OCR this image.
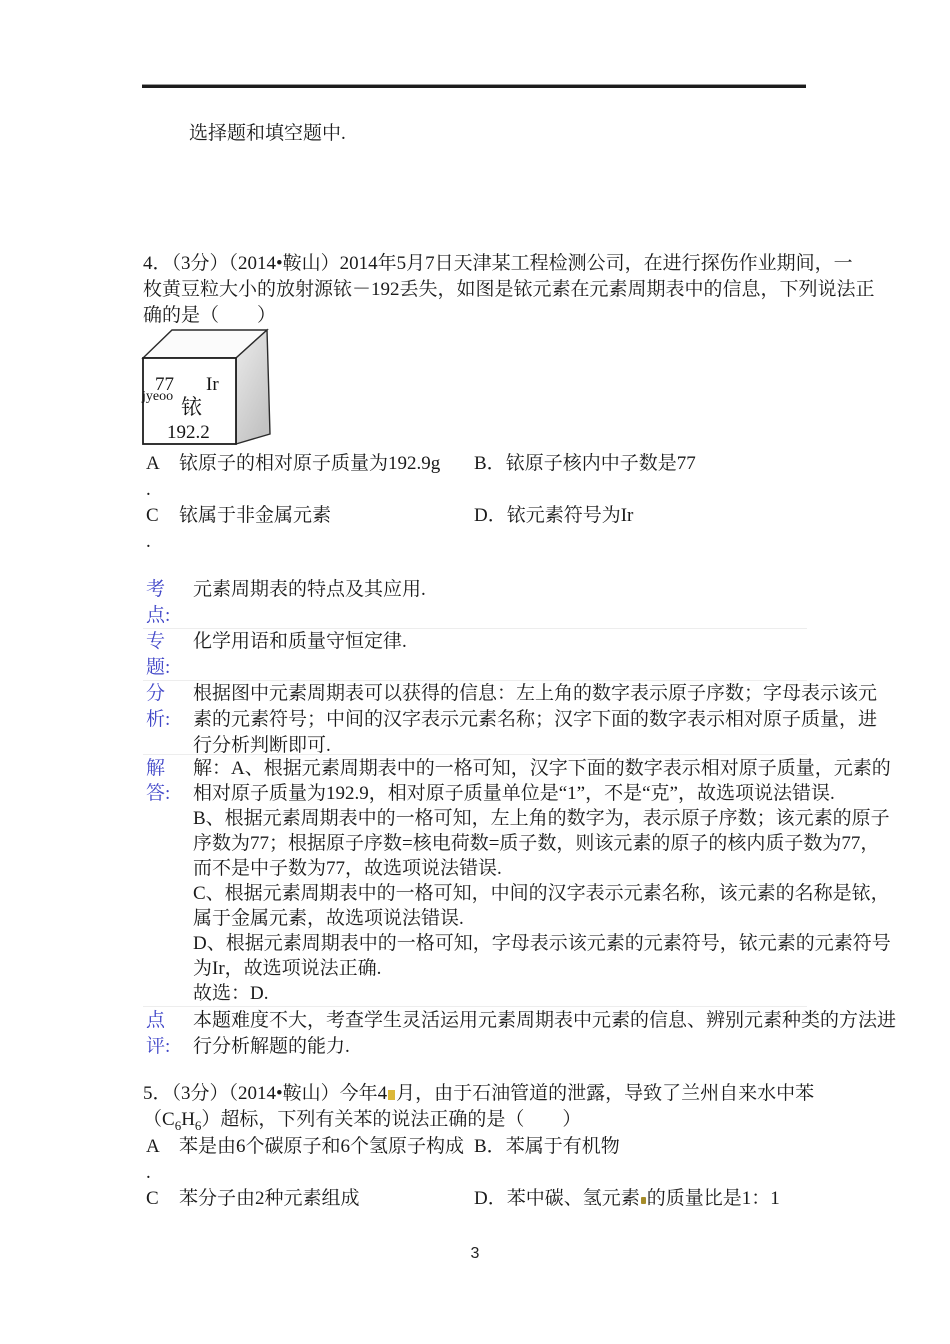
选择题和填空题中.
4．（3分）（2014•鞍山）2014年5月7日天津某工程检测公司，在进行探伤作业期间，一
枚黄豆粒大小的放射源铱－192丢失，如图是铱元素在元素周期表中的信息，下列说法正
确的是（　　）
jyeoo
77 Ir
铱
192.2
A 铱原子的相对原子质量为192.9g B．铱原子核内中子数是77
.
C 铱属于非金属元素	D．铱元素符号为Ir
.
考
点:
元素周期表的特点及其应用.
专
题:
化学用语和质量守恒定律.
分
析:
根据图中元素周期表可以获得的信息：左上角的数字表示原子序数；字母表示该元
素的元素符号；中间的汉字表示元素名称；汉字下面的数字表示相对原子质量，进
行分析判断即可.
解
答:
解：A、根据元素周期表中的一格可知，汉字下面的数字表示相对原子质量，元素的
相对原子质量为192.9，相对原子质量单位是“1”，不是“克”，故选项说法错误.
B、根据元素周期表中的一格可知，左上角的数字为，表示原子序数；该元素的原子
序数为77；根据原子序数=核电荷数=质子数，则该元素的原子的核内质子数为77，
而不是中子数为77，故选项说法错误.
C、根据元素周期表中的一格可知，中间的汉字表示元素名称，该元素的名称是铱，
属于金属元素，故选项说法错误.
D、根据元素周期表中的一格可知，字母表示该元素的元素符号，铱元素的元素符号
为Ir，故选项说法正确.
故选：D.
点
评:
本题难度不大，考查学生灵活运用元素周期表中元素的信息、辨别元素种类的方法进
行分析解题的能力.
5．（3分）（2014•鞍山）今年4 月，由于石油管道的泄露，导致了兰州自来水中苯
$(C_6H_6)$超标，下列有关苯的说法正确的是（　　）
A 苯是由6个碳原子和6个氢原子构成 B．苯属于有机物
.
C 苯分子由2种元素组成	D．苯中碳、氢元素 的质量比是1：1
3
